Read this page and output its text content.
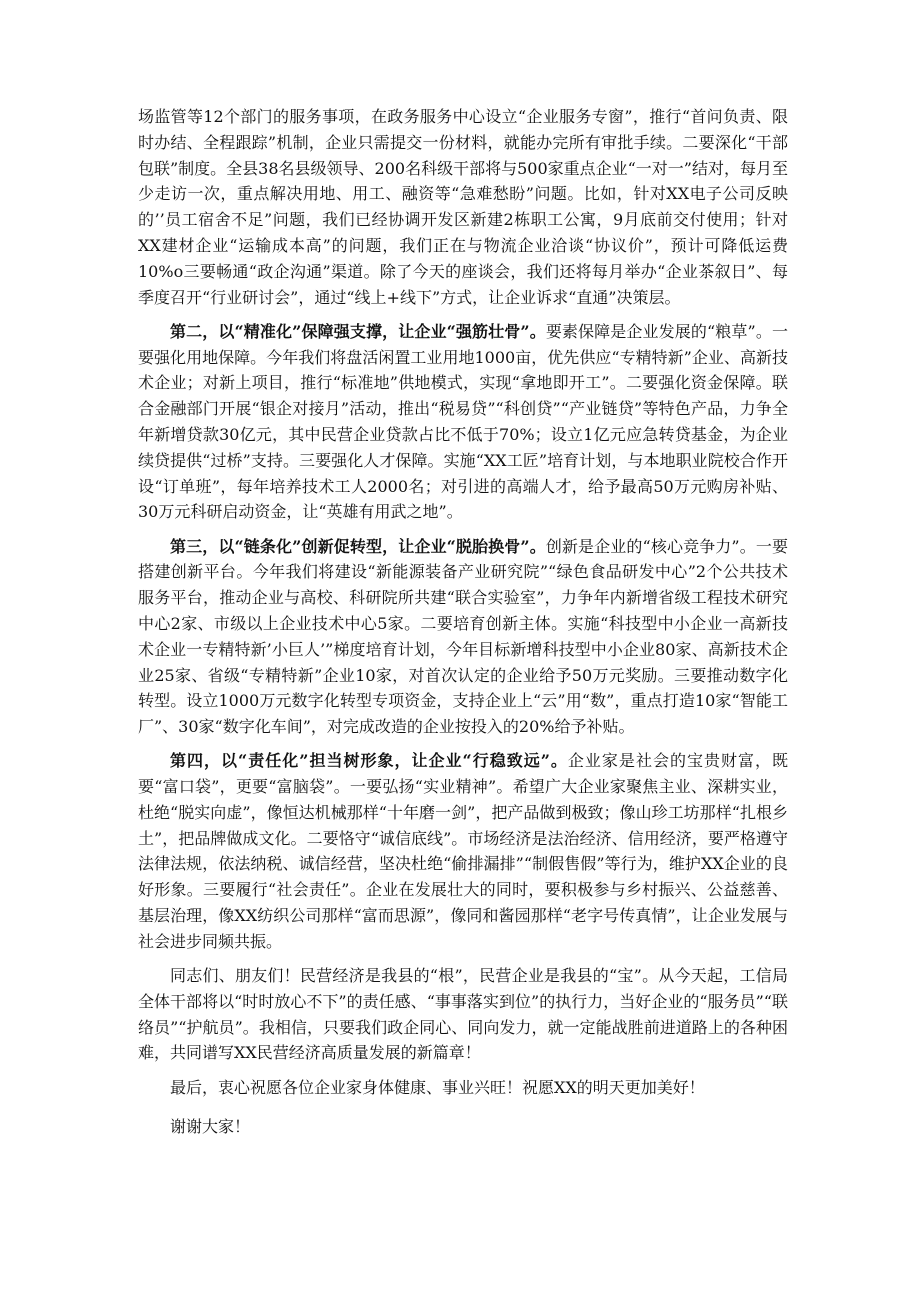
场监管等12个部门的服务事项，在政务服务中心设立“企业服务专窗”，推行“首问负责、限时办结、全程跟踪”机制，企业只需提交一份材料，就能办完所有审批手续。二要深化“干部包联”制度。全县38名县级领导、200名科级干部将与500家重点企业“一对一”结对，每月至少走访一次，重点解决用地、用工、融资等“急难愁盼”问题。比如，针对XX电子公司反映的’’员工宿舍不足”问题，我们已经协调开发区新建2栋职工公寓，9月底前交付使用；针对XX建材企业“运输成本高”的问题，我们正在与物流企业洽谈“协议价”，预计可降低运费10%o三要畅通“政企沟通”渠道。除了今天的座谈会，我们还将每月举办“企业茶叙日”、每季度召开“行业研讨会”，通过“线上+线下”方式，让企业诉求“直通”决策层。

第二，以“精准化”保障强支撑，让企业“强筋壮骨”。要素保障是企业发展的“粮草”。一要强化用地保障。今年我们将盘活闲置工业用地1000亩，优先供应“专精特新”企业、高新技术企业；对新上项目，推行“标准地”供地模式，实现“拿地即开工”。二要强化资金保障。联合金融部门开展“银企对接月”活动，推出“税易贷”“科创贷”“产业链贷”等特色产品，力争全年新增贷款30亿元，其中民营企业贷款占比不低于70%；设立1亿元应急转贷基金，为企业续贷提供“过桥”支持。三要强化人才保障。实施“XX工匠”培育计划，与本地职业院校合作开设“订单班”，每年培养技术工人2000名；对引进的高端人才，给予最高50万元购房补贴、30万元科研启动资金，让“英雄有用武之地”。

第三，以“链条化”创新促转型，让企业“脱胎换骨”。创新是企业的“核心竞争力”。一要搭建创新平台。今年我们将建设“新能源装备产业研究院”“绿色食品研发中心”2个公共技术服务平台，推动企业与高校、科研院所共建“联合实验室”，力争年内新增省级工程技术研究中心2家、市级以上企业技术中心5家。二要培育创新主体。实施“科技型中小企业一高新技术企业一专精特新’小巨人’”梯度培育计划，今年目标新增科技型中小企业80家、高新技术企业25家、省级“专精特新”企业10家，对首次认定的企业给予50万元奖励。三要推动数字化转型。设立1000万元数字化转型专项资金，支持企业上“云”用“数”，重点打造10家“智能工厂”、30家“数字化车间”，对完成改造的企业按投入的20%给予补贴。

第四，以“责任化”担当树形象，让企业“行稳致远”。企业家是社会的宝贵财富，既要“富口袋”，更要“富脑袋”。一要弘扬“实业精神”。希望广大企业家聚焦主业、深耕实业，杜绝“脱实向虚”，像恒达机械那样“十年磨一剑”，把产品做到极致；像山珍工坊那样“扎根乡土”，把品牌做成文化。二要恪守“诚信底线”。市场经济是法治经济、信用经济，要严格遵守法律法规，依法纳税、诚信经营，坚决杜绝“偷排漏排”“制假售假”等行为，维护XX企业的良好形象。三要履行“社会责任”。企业在发展壮大的同时，要积极参与乡村振兴、公益慈善、基层治理，像XX纺织公司那样“富而思源”，像同和酱园那样“老字号传真情”，让企业发展与社会进步同频共振。

同志们、朋友们！民营经济是我县的“根”，民营企业是我县的“宝”。从今天起，工信局全体干部将以“时时放心不下”的责任感、“事事落实到位”的执行力，当好企业的“服务员”“联络员”“护航员”。我相信，只要我们政企同心、同向发力，就一定能战胜前进道路上的各种困难，共同谱写XX民营经济高质量发展的新篇章！

最后，衷心祝愿各位企业家身体健康、事业兴旺！祝愿XX的明天更加美好！

谢谢大家！
